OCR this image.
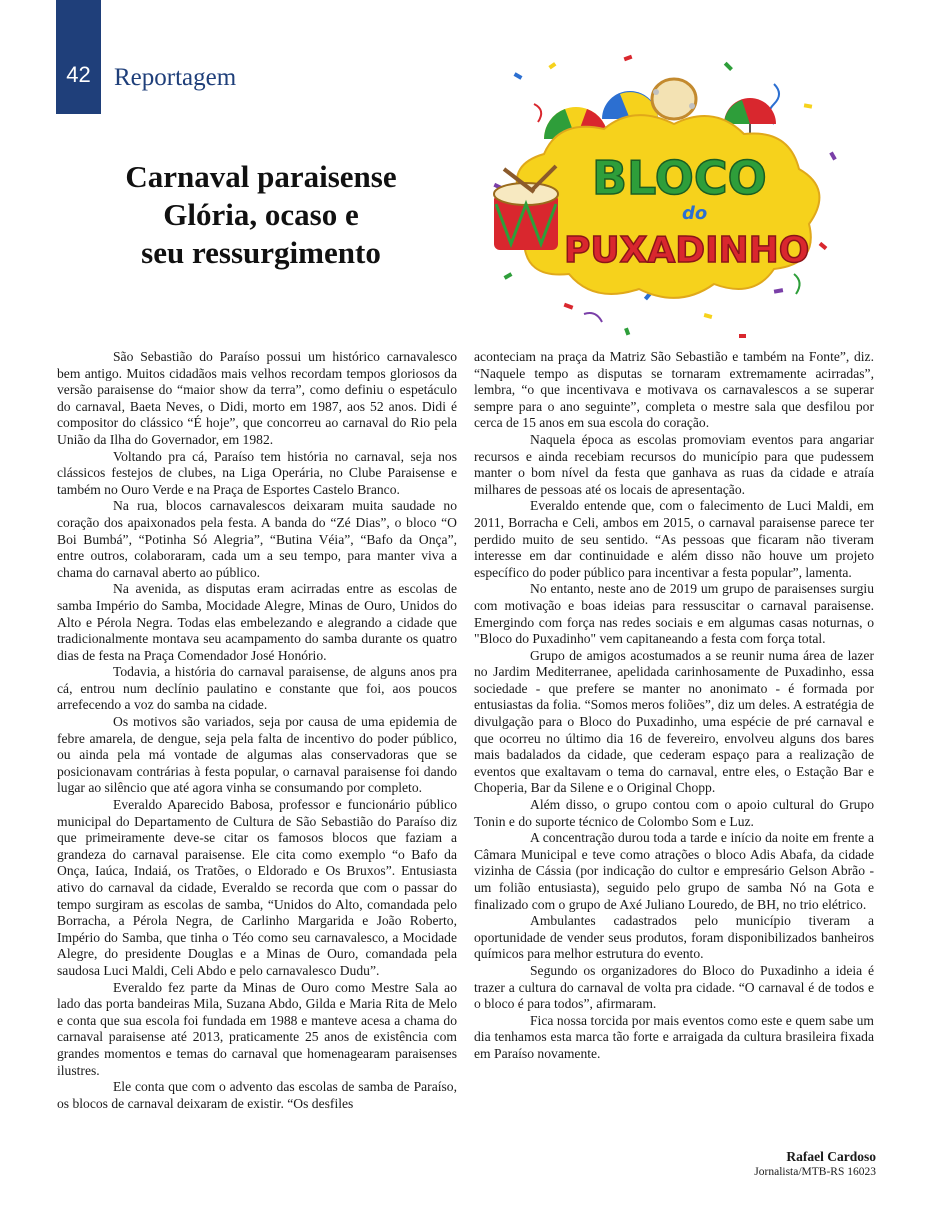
42 Reportagem
Carnaval paraisense
Glória, ocaso e
seu ressurgimento
BLOCO
do
PUXADINHO

São Sebastião do Paraíso possui um histórico carnavalesco bem antigo. Muitos cidadãos mais velhos recordam tempos gloriosos da versão paraisense do “maior show da terra”, como definiu o espetáculo do carnaval, Baeta Neves, o Didi, morto em 1987, aos 52 anos. Didi é compositor do clássico “É hoje”, que concorreu ao carnaval do Rio pela União da Ilha do Governador, em 1982.

Voltando pra cá, Paraíso tem história no carnaval, seja nos clássicos festejos de clubes, na Liga Operária, no Clube Paraisense e também no Ouro Verde e na Praça de Esportes Castelo Branco.

Na rua, blocos carnavalescos deixaram muita saudade no coração dos apaixonados pela festa. A banda do “Zé Dias”, o bloco “O Boi Bumbá”, “Potinha Só Alegria”, “Butina Véia”, “Bafo da Onça”, entre outros, colaboraram, cada um a seu tempo, para manter viva a chama do carnaval aberto ao público.

Na avenida, as disputas eram acirradas entre as escolas de samba Império do Samba, Mocidade Alegre, Minas de Ouro, Unidos do Alto e Pérola Negra. Todas elas embelezando e alegrando a cidade que tradicionalmente montava seu acampamento do samba durante os quatro dias de festa na Praça Comendador José Honório.

Todavia, a história do carnaval paraisense, de alguns anos pra cá, entrou num declínio paulatino e constante que foi, aos poucos arrefecendo a voz do samba na cidade.

Os motivos são variados, seja por causa de uma epidemia de febre amarela, de dengue, seja pela falta de incentivo do poder público, ou ainda pela má vontade de algumas alas conservadoras que se posicionavam contrárias à festa popular, o carnaval paraisense foi dando lugar ao silêncio que até agora vinha se consumando por completo.

Everaldo Aparecido Babosa, professor e funcionário público municipal do Departamento de Cultura de São Sebastião do Paraíso diz que primeiramente deve-se citar os famosos blocos que faziam a grandeza do carnaval paraisense. Ele cita como exemplo “o Bafo da Onça, Iaúca, Indaiá, os Tratões, o Eldorado e Os Bruxos”. Entusiasta ativo do carnaval da cidade, Everaldo se recorda que com o passar do tempo surgiram as escolas de samba, “Unidos do Alto, comandada pelo Borracha, a Pérola Negra, de Carlinho Margarida e João Roberto, Império do Samba, que tinha o Téo como seu carnavalesco, a Mocidade Alegre, do presidente Douglas e a Minas de Ouro, comandada pela saudosa Luci Maldi, Celi Abdo e pelo carnavalesco Dudu”.

Everaldo fez parte da Minas de Ouro como Mestre Sala ao lado das porta bandeiras Mila, Suzana Abdo, Gilda e Maria Rita de Melo e conta que sua escola foi fundada em 1988 e manteve acesa a chama do carnaval paraisense até 2013, praticamente 25 anos de existência com grandes momentos e temas do carnaval que homenagearam paraisenses ilustres.

Ele conta que com o advento das escolas de samba de Paraíso, os blocos de carnaval deixaram de existir. “Os desfiles

aconteciam na praça da Matriz São Sebastião e também na Fonte”, diz. “Naquele tempo as disputas se tornaram extremamente acirradas”, lembra, “o que incentivava e motivava os carnavalescos a se superar sempre para o ano seguinte”, completa o mestre sala que desfilou por cerca de 15 anos em sua escola do coração.

Naquela época as escolas promoviam eventos para angariar recursos e ainda recebiam recursos do município para que pudessem manter o bom nível da festa que ganhava as ruas da cidade e atraía milhares de pessoas até os locais de apresentação.

Everaldo entende que, com o falecimento de Luci Maldi, em 2011, Borracha e Celi, ambos em 2015, o carnaval paraisense parece ter perdido muito de seu sentido. “As pessoas que ficaram não tiveram interesse em dar continuidade e além disso não houve um projeto específico do poder público para incentivar a festa popular”, lamenta.

No entanto, neste ano de 2019 um grupo de paraisenses surgiu com motivação e boas ideias para ressuscitar o carnaval paraisense. Emergindo com força nas redes sociais e em algumas casas noturnas, o "Bloco do Puxadinho" vem capitaneando a festa com força total.

Grupo de amigos acostumados a se reunir numa área de lazer no Jardim Mediterranee, apelidada carinhosamente de Puxadinho, essa sociedade - que prefere se manter no anonimato - é formada por entusiastas da folia. “Somos meros foliões”, diz um deles. A estratégia de divulgação para o Bloco do Puxadinho, uma espécie de pré carnaval e que ocorreu no último dia 16 de fevereiro, envolveu alguns dos bares mais badalados da cidade, que cederam espaço para a realização de eventos que exaltavam o tema do carnaval, entre eles, o Estação Bar e Choperia, Bar da Silene e o Original Chopp.

Além disso, o grupo contou com o apoio cultural do Grupo Tonin e do suporte técnico de Colombo Som e Luz.

A concentração durou toda a tarde e início da noite em frente a Câmara Municipal e teve como atrações o bloco Adis Abafa, da cidade vizinha de Cássia (por indicação do cultor e empresário Gelson Abrão - um folião entusiasta), seguido pelo grupo de samba Nó na Gota e finalizado com o grupo de Axé Juliano Louredo, de BH, no trio elétrico.

Ambulantes cadastrados pelo município tiveram a oportunidade de vender seus produtos, foram disponibilizados banheiros químicos para melhor estrutura do evento.

Segundo os organizadores do Bloco do Puxadinho a ideia é trazer a cultura do carnaval de volta pra cidade. “O carnaval é de todos e o bloco é para todos”, afirmaram.

Fica nossa torcida por mais eventos como este e quem sabe um dia tenhamos esta marca tão forte e arraigada da cultura brasileira fixada em Paraíso novamente.

Rafael Cardoso
Jornalista/MTB-RS 16023
